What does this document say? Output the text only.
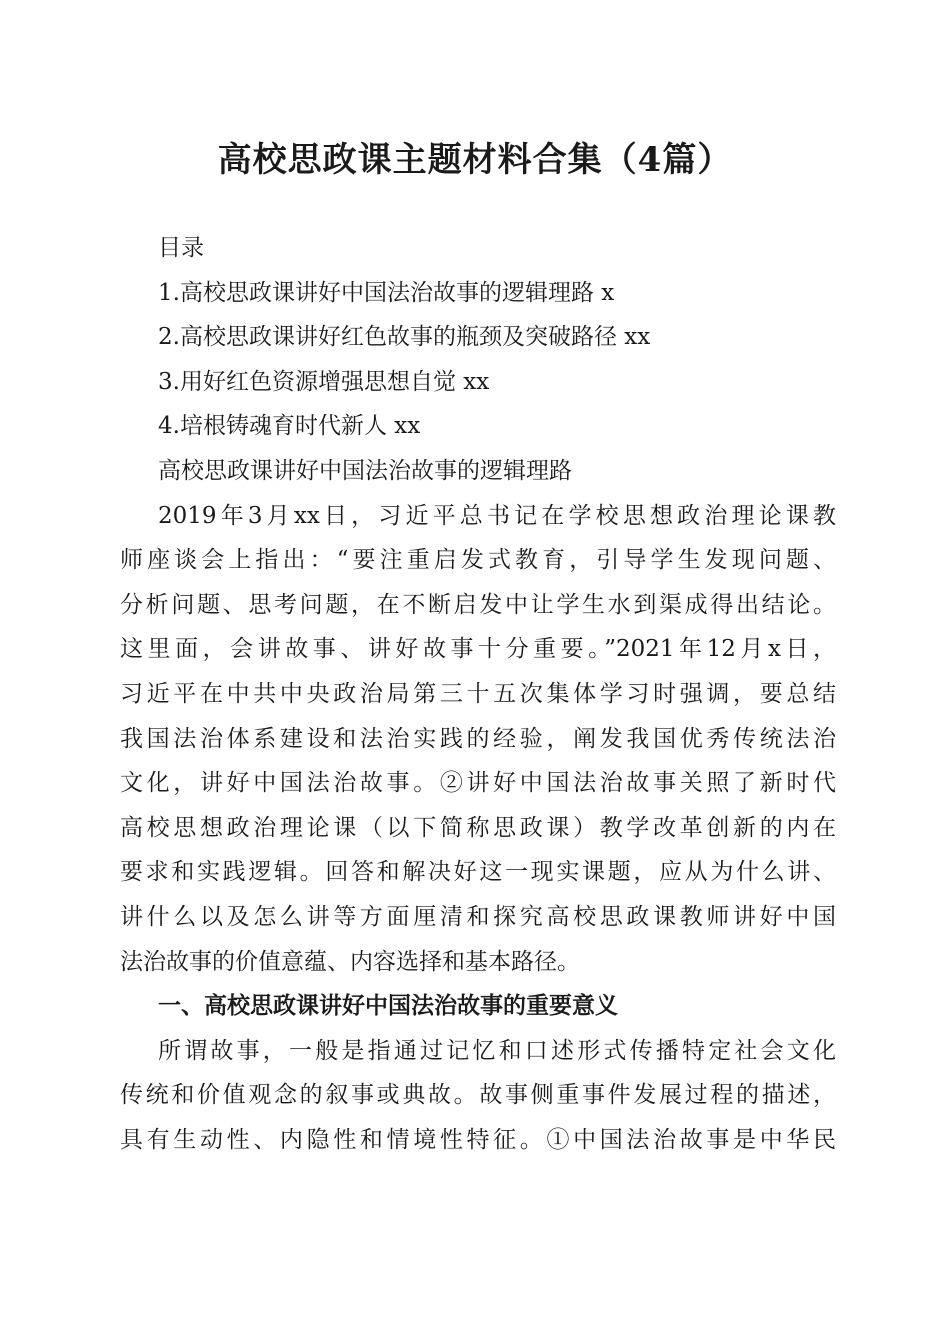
高校思政课主题材料合集（4篇）
目录
1.高校思政课讲好中国法治故事的逻辑理路 x
2.高校思政课讲好红色故事的瓶颈及突破路径 xx
3.用好红色资源增强思想自觉 xx
4.培根铸魂育时代新人 xx
高校思政课讲好中国法治故事的逻辑理路
2019年3月xx日，习近平总书记在学校思想政治理论课教
师座谈会上指出：“要注重启发式教育，引导学生发现问题、
分析问题、思考问题，在不断启发中让学生水到渠成得出结论。
这里面，会讲故事、讲好故事十分重要。”2021年12月x日，
习近平在中共中央政治局第三十五次集体学习时强调，要总结
我国法治体系建设和法治实践的经验，阐发我国优秀传统法治
文化，讲好中国法治故事。②讲好中国法治故事关照了新时代
高校思想政治理论课（以下简称思政课）教学改革创新的内在
要求和实践逻辑。回答和解决好这一现实课题，应从为什么讲、
讲什么以及怎么讲等方面厘清和探究高校思政课教师讲好中国
法治故事的价值意蕴、内容选择和基本路径。
一、高校思政课讲好中国法治故事的重要意义
所谓故事，一般是指通过记忆和口述形式传播特定社会文化
传统和价值观念的叙事或典故。故事侧重事件发展过程的描述，
具有生动性、内隐性和情境性特征。①中国法治故事是中华民
